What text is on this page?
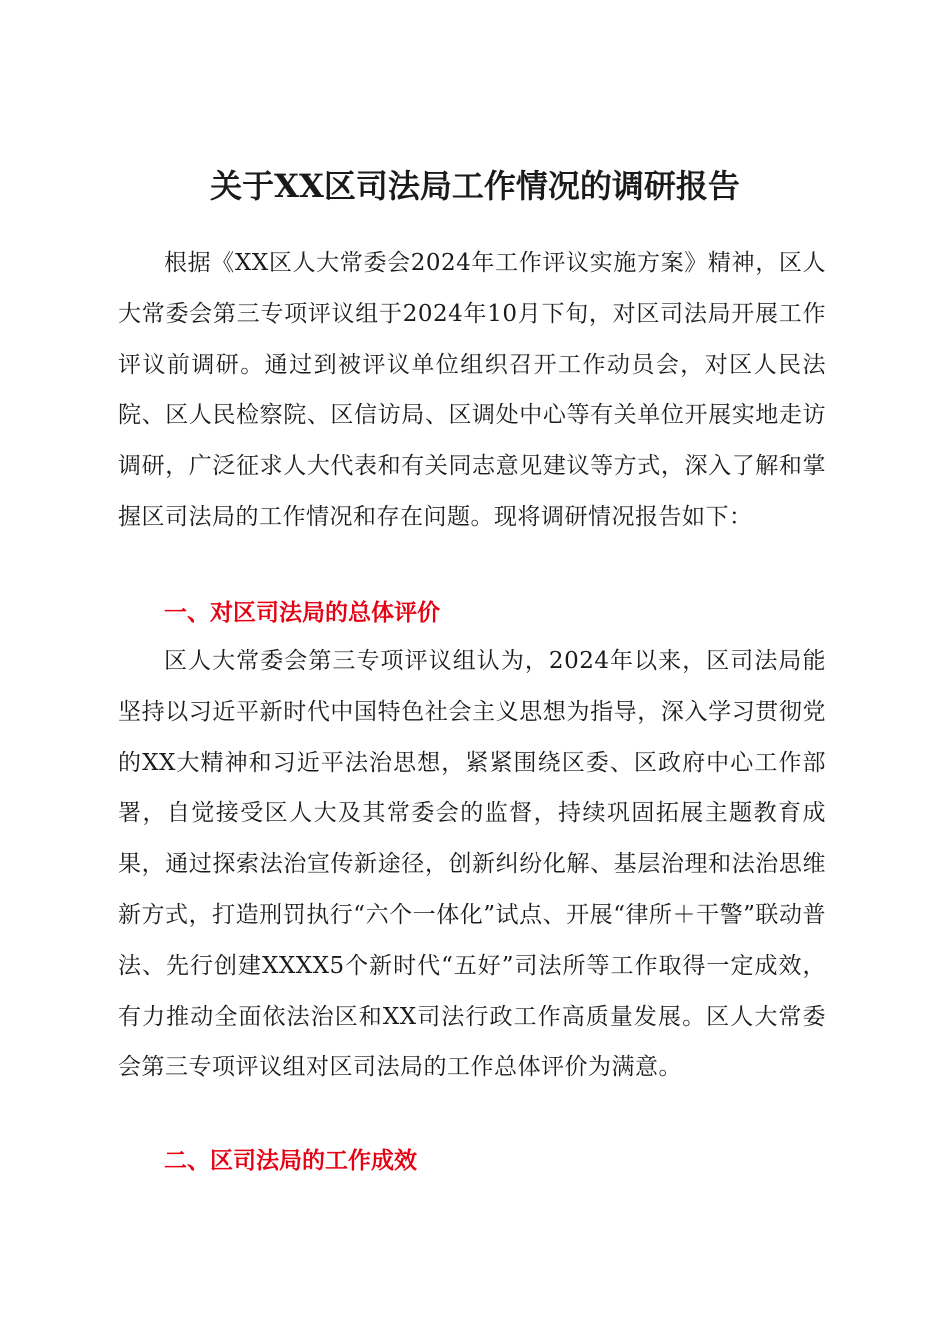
关于XX区司法局工作情况的调研报告

根据《XX区人大常委会2024年工作评议实施方案》精神，区人大常委会第三专项评议组于2024年10月下旬，对区司法局开展工作评议前调研。通过到被评议单位组织召开工作动员会，对区人民法院、区人民检察院、区信访局、区调处中心等有关单位开展实地走访调研，广泛征求人大代表和有关同志意见建议等方式，深入了解和掌握区司法局的工作情况和存在问题。现将调研情况报告如下：

一、对区司法局的总体评价

区人大常委会第三专项评议组认为，2024年以来，区司法局能坚持以习近平新时代中国特色社会主义思想为指导，深入学习贯彻党的XX大精神和习近平法治思想，紧紧围绕区委、区政府中心工作部署，自觉接受区人大及其常委会的监督，持续巩固拓展主题教育成果，通过探索法治宣传新途径，创新纠纷化解、基层治理和法治思维新方式，打造刑罚执行“六个一体化”试点、开展“律所＋干警”联动普法、先行创建XXXX5个新时代“五好”司法所等工作取得一定成效，有力推动全面依法治区和XX司法行政工作高质量发展。区人大常委会第三专项评议组对区司法局的工作总体评价为满意。

二、区司法局的工作成效
